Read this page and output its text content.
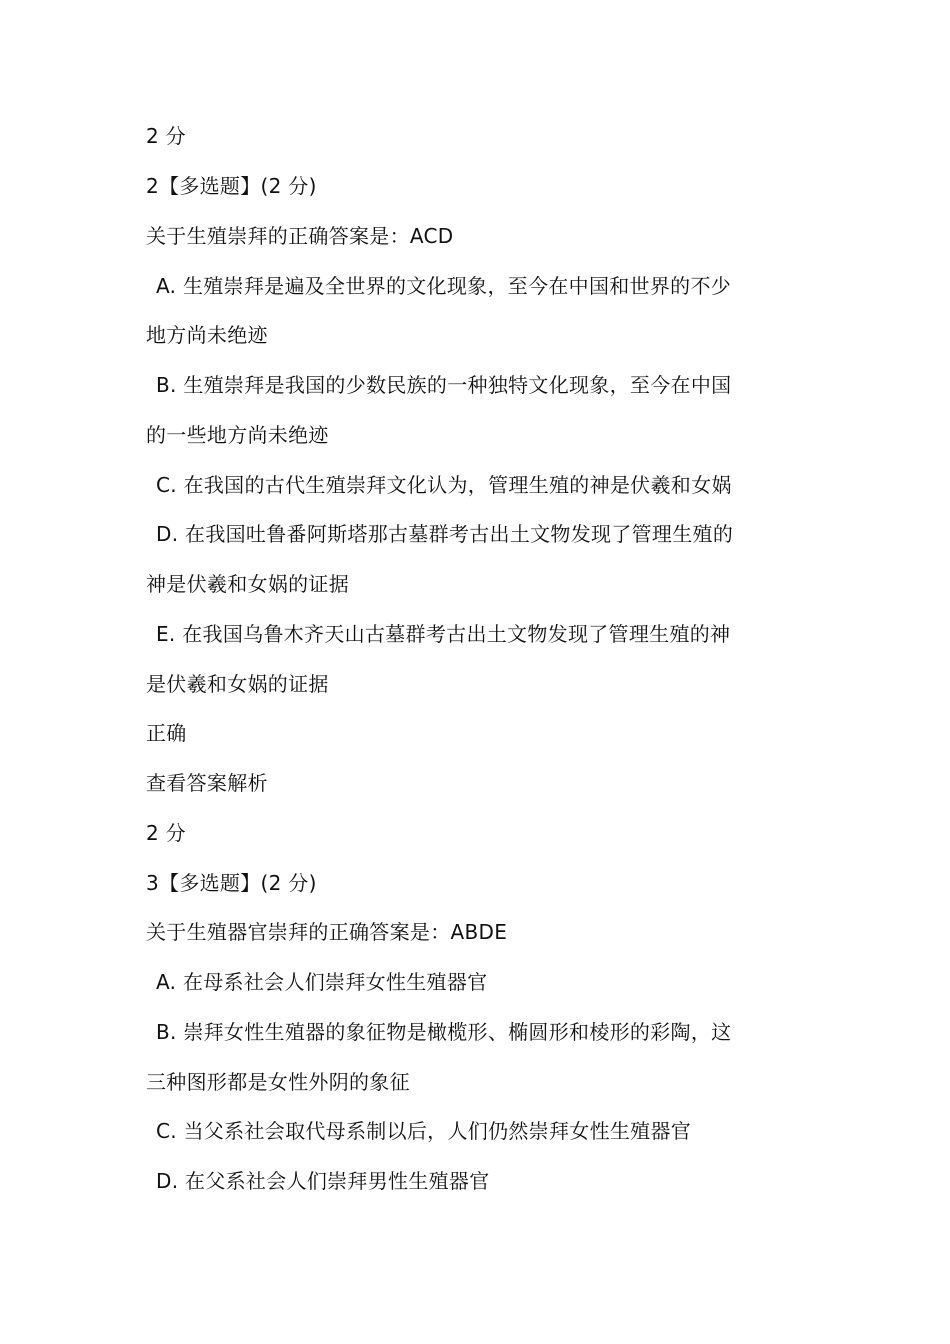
2 分
2【多选题】(2 分)
关于生殖崇拜的正确答案是：ACD
A. 生殖崇拜是遍及全世界的文化现象，至今在中国和世界的不少
地方尚未绝迹
B. 生殖崇拜是我国的少数民族的一种独特文化现象，至今在中国
的一些地方尚未绝迹
C. 在我国的古代生殖崇拜文化认为，管理生殖的神是伏羲和女娲
D. 在我国吐鲁番阿斯塔那古墓群考古出土文物发现了管理生殖的
神是伏羲和女娲的证据
E. 在我国乌鲁木齐天山古墓群考古出土文物发现了管理生殖的神
是伏羲和女娲的证据
正确
查看答案解析
2 分
3【多选题】(2 分)
关于生殖器官崇拜的正确答案是：ABDE
A. 在母系社会人们崇拜女性生殖器官
B. 崇拜女性生殖器的象征物是橄榄形、椭圆形和棱形的彩陶，这
三种图形都是女性外阴的象征
C. 当父系社会取代母系制以后，人们仍然崇拜女性生殖器官
D. 在父系社会人们崇拜男性生殖器官
